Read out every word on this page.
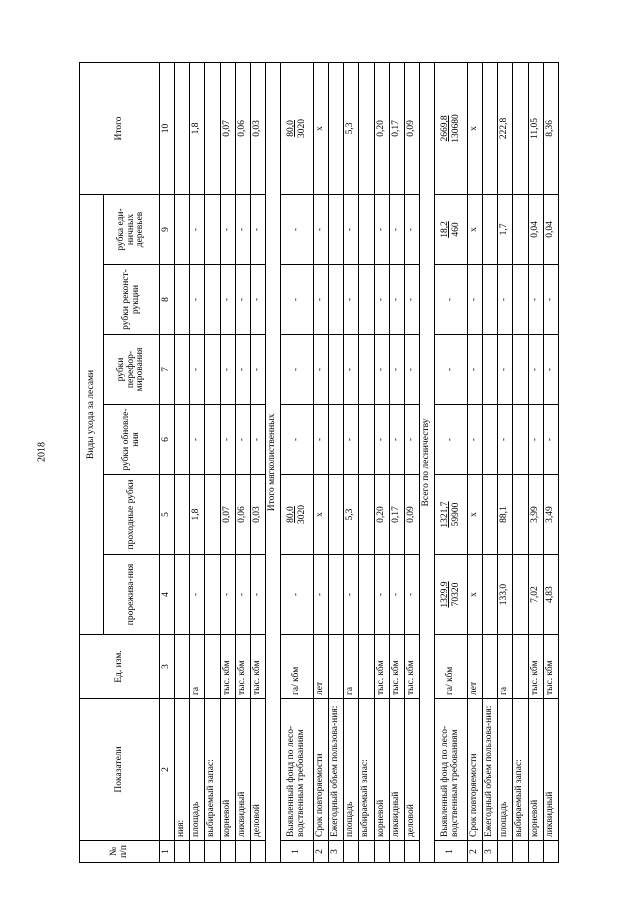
2018
№ п/п	Показатели	Ед. изм.	Виды ухода за лесами						Итого
			прорежива-ния	проходные рубки	рубки обновле-ния	рубки перефор-мирования	рубки реконст-рукции	рубка еди-ничных деревьев	
1	2	3	4	5	6	7	8	9	10
	ния:								
	площадь	га	-	1,8	-	-	-	-	1,8
	выбираемый запас:								
	корневой	тыс. кбм	-	0,07	-	-	-	-	0,07
	ликвидный	тыс. кбм	-	0,06	-	-	-	-	0,06
	деловой	тыс. кбм	-	0,03	-	-	-	-	0,03
Итого мягколиственных									
1	Выявленный фонд по лесо-водственным требованиям	га/ кбм	-	80,0 3020	-	-	-	-	80,0 3020

2	Срок повторяемости	лет	-	х	-	-	-	-	х
3	Ежегодный объем пользова-ния:								
	площадь	га	-	5,3	-	-	-	-	5,3
	выбираемый запас:								
	корневой	тыс. кбм	-	0,20	-	-	-	-	0,20
	ликвидный	тыс. кбм	-	0,17	-	-	-	-	0,17
	деловой	тыс. кбм	-	0,09	-	-	-	-	0,09
Всего по лесничеству									
1	Выявленный фонд по лесо-водственным требованиям	га/ кбм	1329,9 70320	1321,7 59900	-	-	-	18,2 460	2669,8 130680

2	Срок повторяемости	лет	х	х	-	-	-	х	х
3	Ежегодный объем пользова-ния:								
	площадь	га	133,0	88,1	-	-	-	1,7	222,8
	выбираемый запас:								
	корневой	тыс. кбм	7,02	3,99	-	-	-	0,04	11,05
	ликвидный	тыс. кбм	4,83	3,49	-	-	-	0,04	8,36
